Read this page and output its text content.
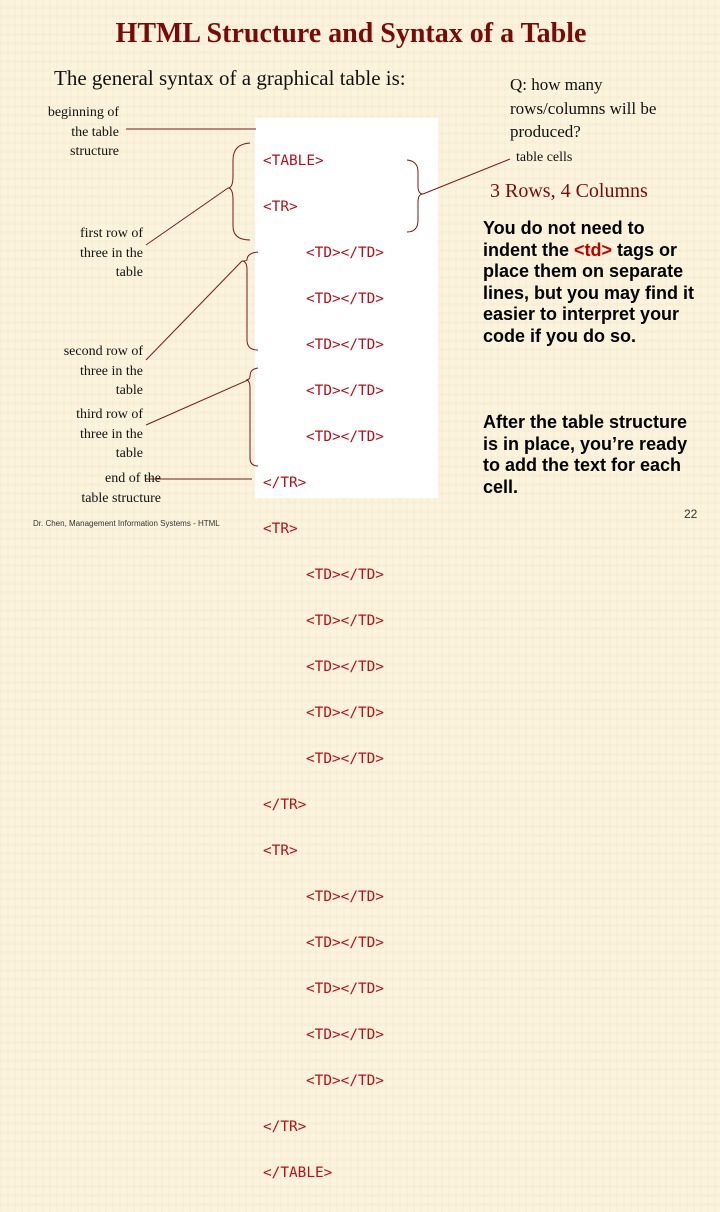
HTML Structure and Syntax of a Table
The general syntax of a graphical table is:
beginning of
the table
structure
first row of
three in the
table
second row of
three in the
table
third row of
three in the
table
end of the
table structure

<TABLE>

<TR>

<TD></TD>

<TD></TD>

<TD></TD>

<TD></TD>

<TD></TD>

</TR>

<TR>

<TD></TD>

<TD></TD>

<TD></TD>

<TD></TD>

<TD></TD>

</TR>

<TR>

<TD></TD>

<TD></TD>

<TD></TD>

<TD></TD>

<TD></TD>

</TR>

</TABLE>

Q: how many rows/columns will be produced?
table cells
3 Rows, 4 Columns
You do not need to indent the <td> tags or place them on separate lines, but you may find it easier to interpret your code if you do so.
After the table structure is in place, you’re ready to add the text for each cell.
Dr. Chen, Management Information Systems - HTML
22
